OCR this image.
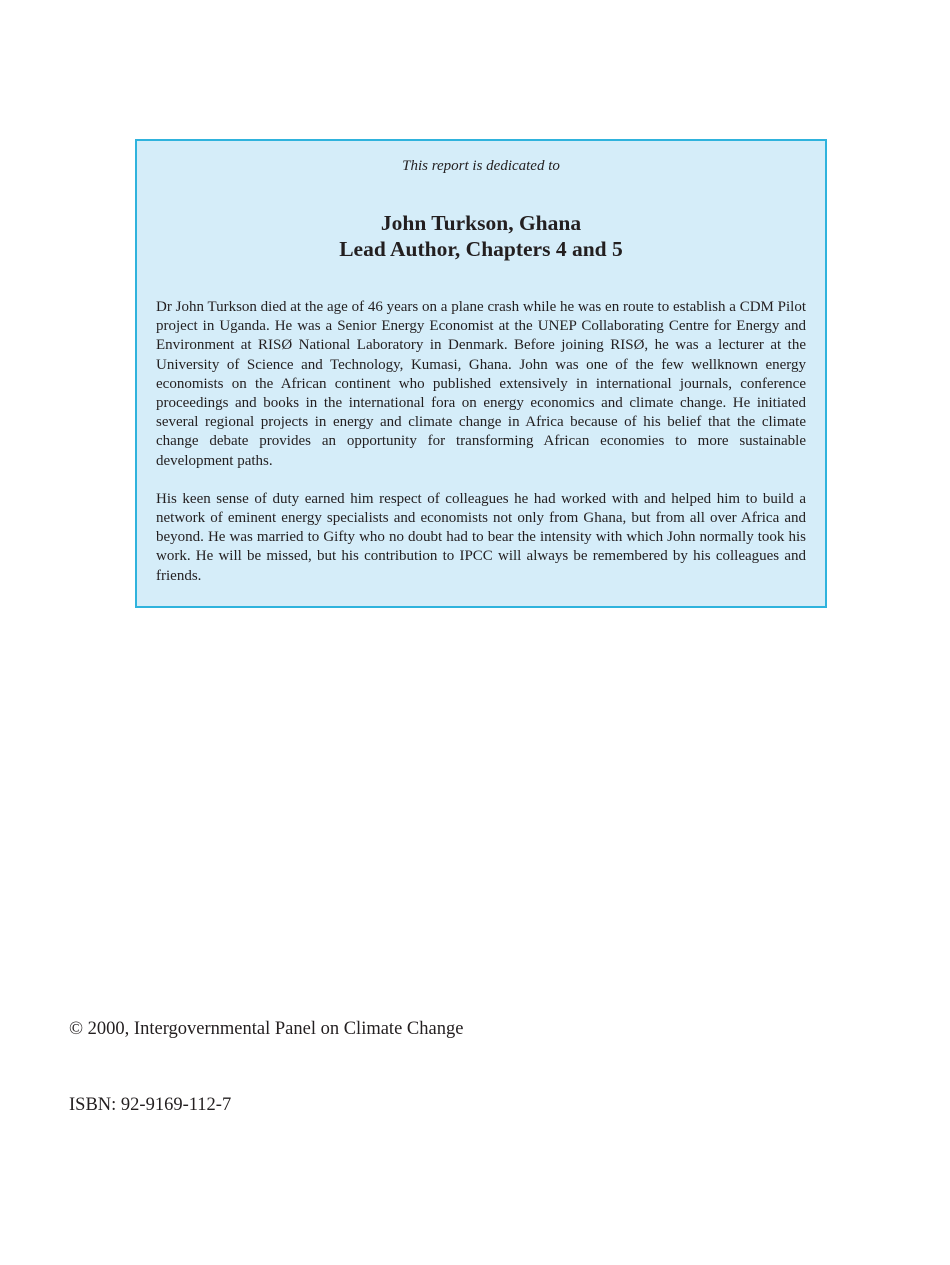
This report is dedicated to

John Turkson, Ghana
Lead Author, Chapters 4 and 5

Dr John Turkson died at the age of 46 years on a plane crash while he was en route to establish a CDM Pilot project in Uganda. He was a Senior Energy Economist at the UNEP Collaborating Centre for Energy and Environment at RISØ National Laboratory in Denmark. Before joining RISØ, he was a lecturer at the University of Science and Technology, Kumasi, Ghana. John was one of the few wellknown energy economists on the African continent who published extensively in international journals, conference proceedings and books in the international fora on energy economics and climate change. He initiated several regional projects in energy and climate change in Africa because of his belief that the climate change debate provides an opportunity for transforming African economies to more sustainable development paths.

His keen sense of duty earned him respect of colleagues he had worked with and helped him to build a network of eminent energy specialists and economists not only from Ghana, but from all over Africa and beyond. He was married to Gifty who no doubt had to bear the intensity with which John normally took his work. He will be missed, but his contribution to IPCC will always be remembered by his colleagues and friends.

© 2000, Intergovernmental Panel on Climate Change

ISBN: 92-9169-112-7
